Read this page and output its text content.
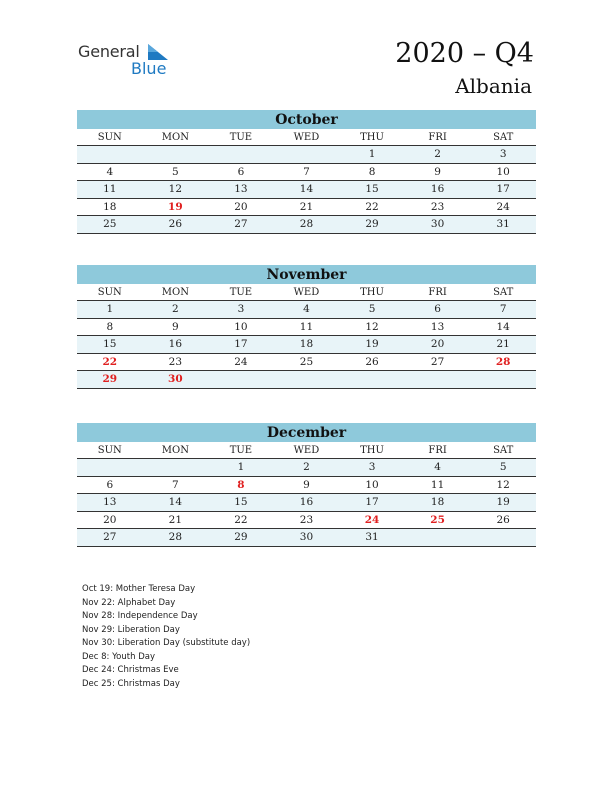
General
Blue	2020 – Q4
Albania
October						
SUN	MON	TUE	WED	THU	FRI	SAT
				1	2	3
4	5	6	7	8	9	10
11	12	13	14	15	16	17
18	19	20	21	22	23	24
25	26	27	28	29	30	31
November						
SUN	MON	TUE	WED	THU	FRI	SAT
1	2	3	4	5	6	7
8	9	10	11	12	13	14
15	16	17	18	19	20	21
22	23	24	25	26	27	28
29	30					
December						
SUN	MON	TUE	WED	THU	FRI	SAT
		1	2	3	4	5
6	7	8	9	10	11	12
13	14	15	16	17	18	19
20	21	22	23	24	25	26
27	28	29	30	31		
Oct 19: Mother Teresa Day
Nov 22: Alphabet Day
Nov 28: Independence Day
Nov 29: Liberation Day
Nov 30: Liberation Day (substitute day)
Dec 8: Youth Day
Dec 24: Christmas Eve
Dec 25: Christmas Day
